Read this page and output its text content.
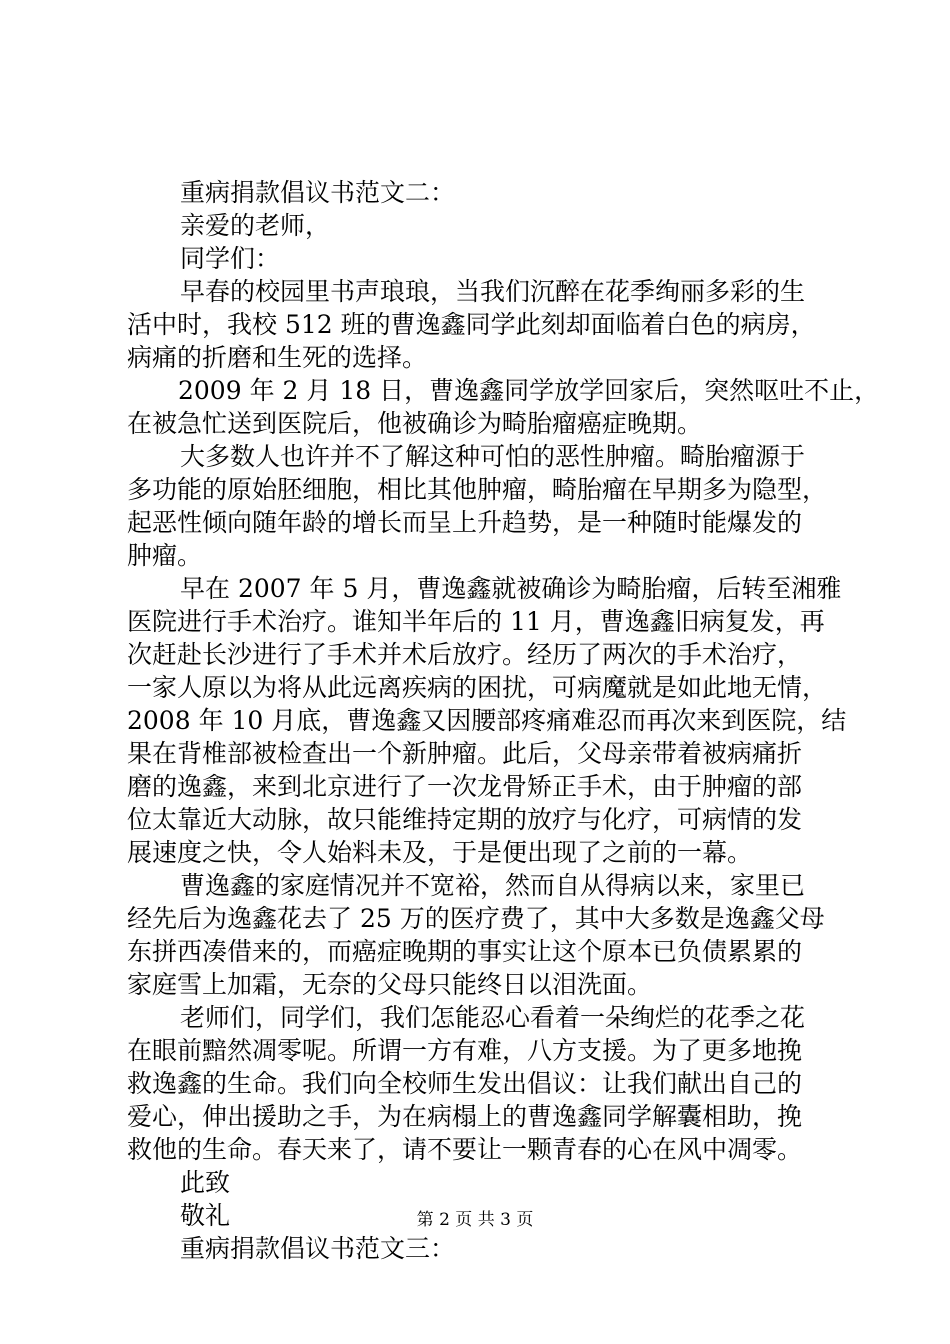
重病捐款倡议书范文二：

亲爱的老师，

同学们：

早春的校园里书声琅琅，当我们沉醉在花季绚丽多彩的生

活中时，我校 512 班的曹逸鑫同学此刻却面临着白色的病房，

病痛的折磨和生死的选择。

2009 年 2 月 18 日，曹逸鑫同学放学回家后，突然呕吐不止，

在被急忙送到医院后，他被确诊为畸胎瘤癌症晚期。

大多数人也许并不了解这种可怕的恶性肿瘤。畸胎瘤源于

多功能的原始胚细胞，相比其他肿瘤，畸胎瘤在早期多为隐型，

起恶性倾向随年龄的增长而呈上升趋势，是一种随时能爆发的

肿瘤。

早在 2007 年 5 月，曹逸鑫就被确诊为畸胎瘤，后转至湘雅

医院进行手术治疗。谁知半年后的 11 月，曹逸鑫旧病复发，再

次赶赴长沙进行了手术并术后放疗。经历了两次的手术治疗，

一家人原以为将从此远离疾病的困扰，可病魔就是如此地无情，

2008 年 10 月底，曹逸鑫又因腰部疼痛难忍而再次来到医院，结

果在背椎部被检查出一个新肿瘤。此后，父母亲带着被病痛折

磨的逸鑫，来到北京进行了一次龙骨矫正手术，由于肿瘤的部

位太靠近大动脉，故只能维持定期的放疗与化疗，可病情的发

展速度之快，令人始料未及，于是便出现了之前的一幕。

曹逸鑫的家庭情况并不宽裕，然而自从得病以来，家里已

经先后为逸鑫花去了 25 万的医疗费了，其中大多数是逸鑫父母

东拼西凑借来的，而癌症晚期的事实让这个原本已负债累累的

家庭雪上加霜，无奈的父母只能终日以泪洗面。

老师们，同学们，我们怎能忍心看着一朵绚烂的花季之花

在眼前黯然凋零呢。所谓一方有难，八方支援。为了更多地挽

救逸鑫的生命。我们向全校师生发出倡议：让我们献出自己的

爱心，伸出援助之手，为在病榻上的曹逸鑫同学解囊相助，挽

救他的生命。春天来了，请不要让一颗青春的心在风中凋零。

此致

敬礼

重病捐款倡议书范文三：

第 2 页 共 3 页
